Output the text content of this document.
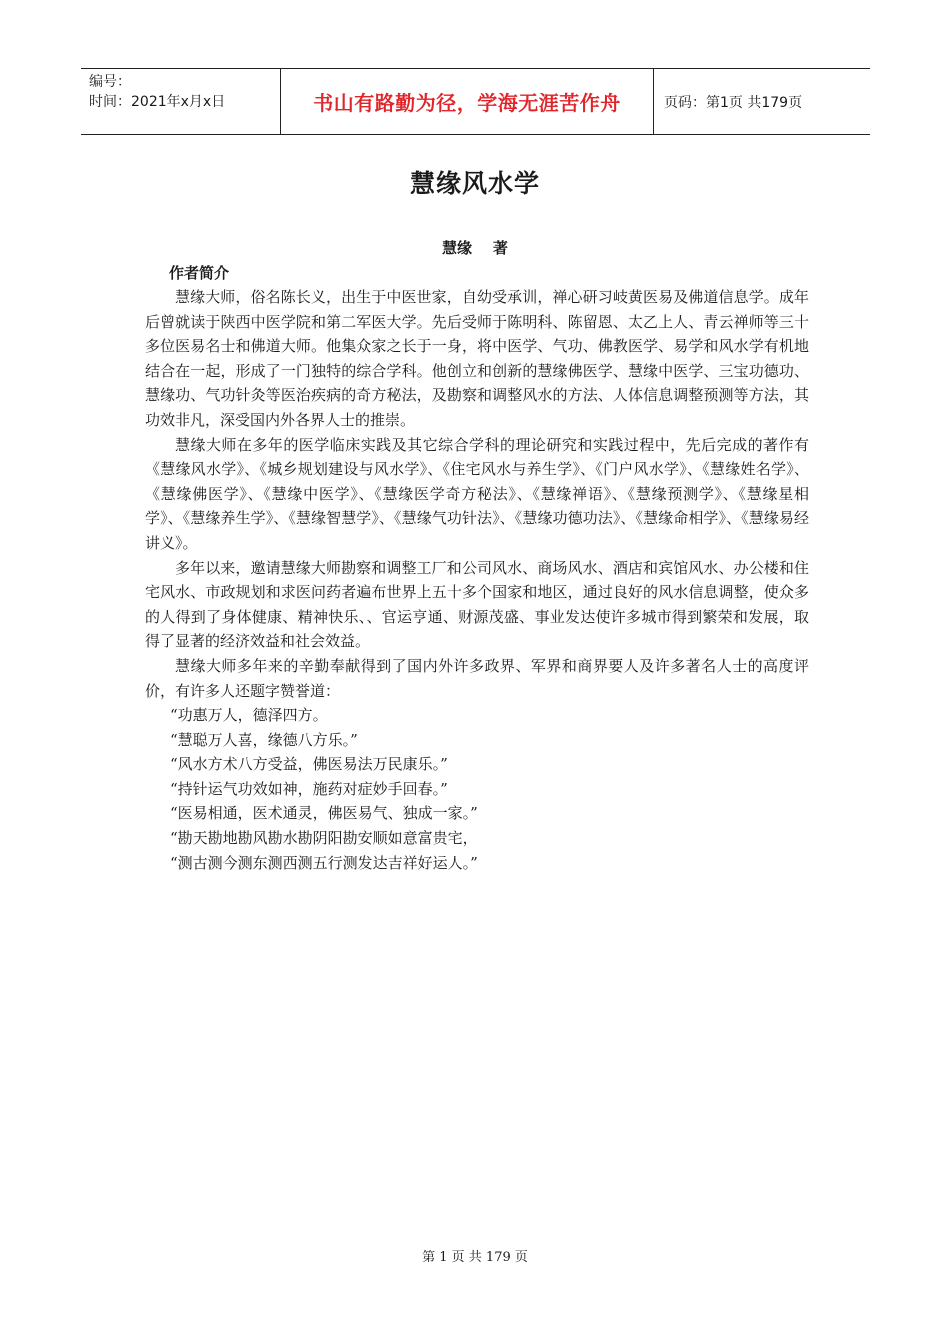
编号：
时间：2021年x月x日	书山有路勤为径，学海无涯苦作舟	页码：第1页 共179页
慧缘风水学
慧缘    著
作者简介

慧缘大师，俗名陈长义，出生于中医世家，自幼受承训，禅心研习岐黄医易及佛道信息学。成年后曾就读于陕西中医学院和第二军医大学。先后受师于陈明科、陈留恩、太乙上人、青云禅师等三十多位医易名士和佛道大师。他集众家之长于一身，将中医学、气功、佛教医学、易学和风水学有机地结合在一起，形成了一门独特的综合学科。他创立和创新的慧缘佛医学、慧缘中医学、三宝功德功、慧缘功、气功针灸等医治疾病的奇方秘法，及勘察和调整风水的方法、人体信息调整预测等方法，其功效非凡，深受国内外各界人士的推崇。

慧缘大师在多年的医学临床实践及其它综合学科的理论研究和实践过程中，先后完成的著作有《慧缘风水学》、《城乡规划建设与风水学》、《住宅风水与养生学》、《门户风水学》、《慧缘姓名学》、《慧缘佛医学》、《慧缘中医学》、《慧缘医学奇方秘法》、《慧缘禅语》、《慧缘预测学》、《慧缘星相学》、《慧缘养生学》、《慧缘智慧学》、《慧缘气功针法》、《慧缘功德功法》、《慧缘命相学》、《慧缘易经讲义》。

多年以来，邀请慧缘大师勘察和调整工厂和公司风水、商场风水、酒店和宾馆风水、办公楼和住宅风水、市政规划和求医问药者遍布世界上五十多个国家和地区，通过良好的风水信息调整，使众多的人得到了身体健康、精神快乐、、官运亨通、财源茂盛、事业发达使许多城市得到繁荣和发展，取得了显著的经济效益和社会效益。

慧缘大师多年来的辛勤奉献得到了国内外许多政界、军界和商界要人及许多著名人士的高度评价，有许多人还题字赞誉道：

“功惠万人，德泽四方。
“慧聪万人喜，缘德八方乐。”
“风水方术八方受益，佛医易法万民康乐。”
“持针运气功效如神，施药对症妙手回春。”
“医易相通，医术通灵，佛医易气、独成一家。”
“勘天勘地勘风勘水勘阴阳勘安顺如意富贵宅，
“测古测今测东测西测五行测发达吉祥好运人。”
第 1 页 共 179 页
